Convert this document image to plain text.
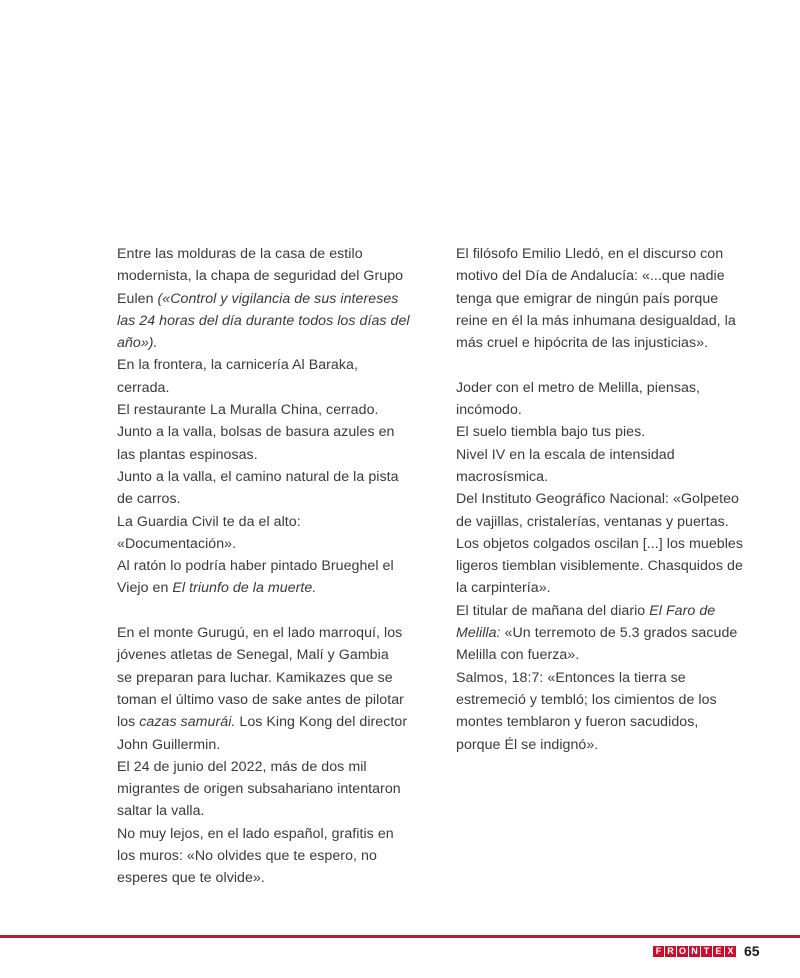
Entre las molduras de la casa de estilo
modernista, la chapa de seguridad del Grupo
Eulen («Control y vigilancia de sus intereses
las 24 horas del día durante todos los días del
año»).
En la frontera, la carnicería Al Baraka,
cerrada.
El restaurante La Muralla China, cerrado.
Junto a la valla, bolsas de basura azules en
las plantas espinosas.
Junto a la valla, el camino natural de la pista
de carros.
La Guardia Civil te da el alto:
«Documentación».
Al ratón lo podría haber pintado Brueghel el
Viejo en El triunfo de la muerte.
En el monte Gurugú, en el lado marroquí, los
jóvenes atletas de Senegal, Malí y Gambia
se preparan para luchar. Kamikazes que se
toman el último vaso de sake antes de pilotar
los cazas samurái. Los King Kong del director
John Guillermin.
El 24 de junio del 2022, más de dos mil
migrantes de origen subsahariano intentaron
saltar la valla.
No muy lejos, en el lado español, grafitis en
los muros: «No olvides que te espero, no
esperes que te olvide».
El filósofo Emilio Lledó, en el discurso con
motivo del Día de Andalucía: «...que nadie
tenga que emigrar de ningún país porque
reine en él la más inhumana desigualdad, la
más cruel e hipócrita de las injusticias».
Joder con el metro de Melilla, piensas,
incómodo.
El suelo tiembla bajo tus pies.
Nivel IV en la escala de intensidad
macrosísmica.
Del Instituto Geográfico Nacional: «Golpeteo
de vajillas, cristalerías, ventanas y puertas.
Los objetos colgados oscilan [...] los muebles
ligeros tiemblan visiblemente. Chasquidos de
la carpintería».
El titular de mañana del diario El Faro de
Melilla: «Un terremoto de 5.3 grados sacude
Melilla con fuerza».
Salmos, 18:7: «Entonces la tierra se
estremeció y tembló; los cimientos de los
montes temblaron y fueron sacudidos,
porque Él se indignó».
F R O N T E X 65
